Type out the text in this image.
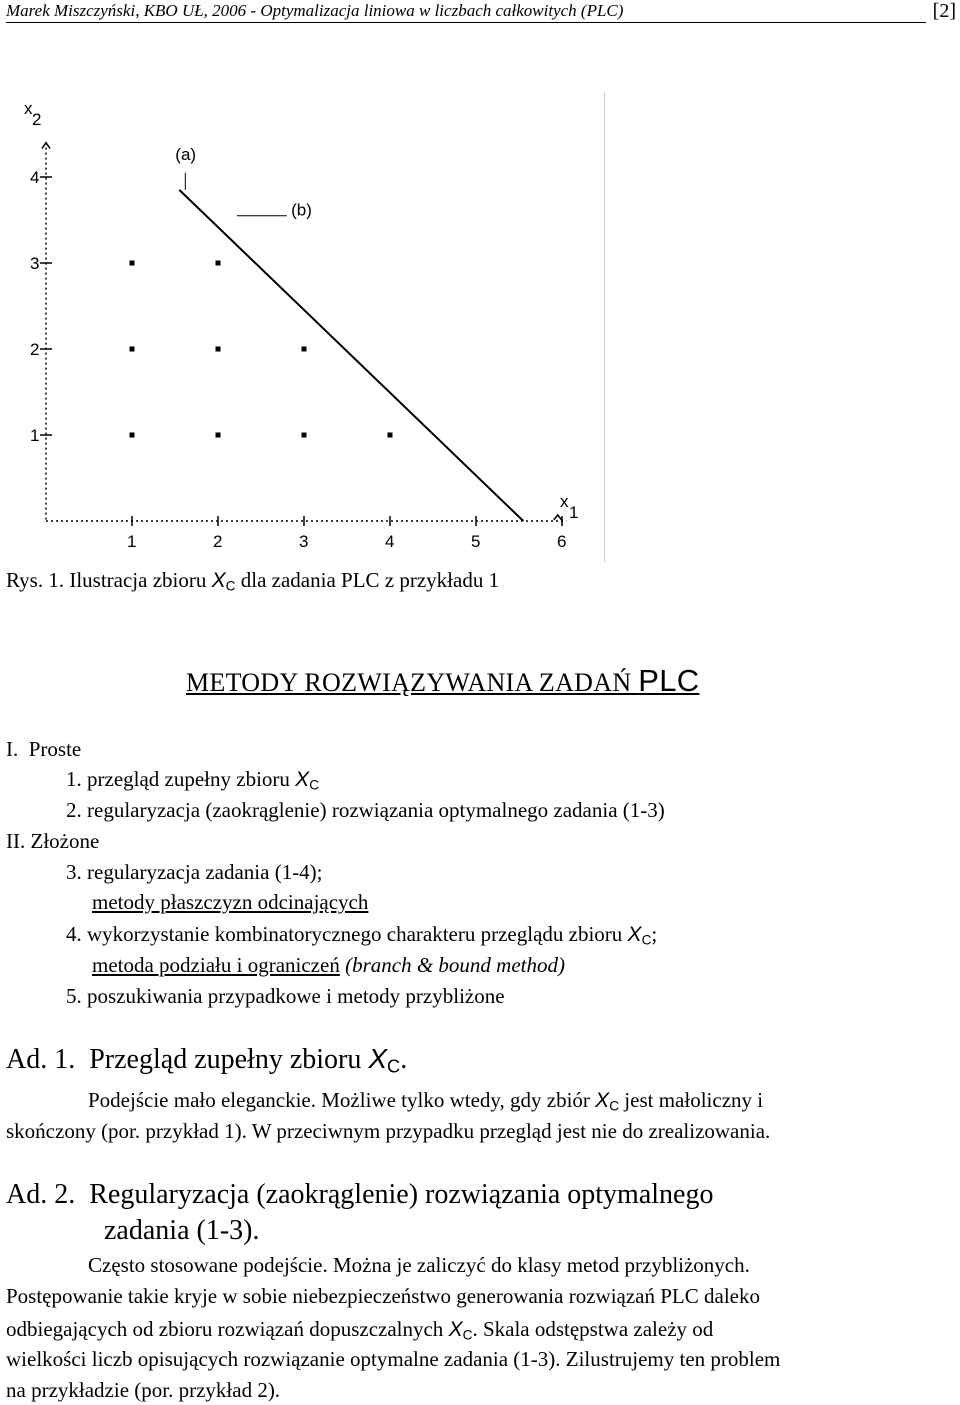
Marek Miszczyński, KBO UŁ, 2006 - Optymalizacja liniowa w liczbach całkowitych (PLC)	[2]
x
2
x
1
1
2
3
4
1	2	3	4	5	6
(a)
(b)
Rys. 1. Ilustracja zbioru $X_C$ dla zadania PLC z przykładu 1
METODY ROZWIĄZYWANIA ZADAŃ PLC
I. Proste
1. przegląd zupełny zbioru $X_C$
2. regularyzacja (zaokrąglenie) rozwiązania optymalnego zadania (1-3)
II. Złożone
3. regularyzacja zadania (1-4);
metody płaszczyzn odcinających
4. wykorzystanie kombinatorycznego charakteru przeglądu zbioru $X_C$;
metoda podziału i ograniczeń (branch & bound method)
5. poszukiwania przypadkowe i metody przybliżone
Ad. 1. Przegląd zupełny zbioru $X_C$.
Podejście mało eleganckie. Możliwe tylko wtedy, gdy zbiór $X_C$ jest małoliczny i
skończony (por. przykład 1). W przeciwnym przypadku przegląd jest nie do zrealizowania.
Ad. 2. Regularyzacja (zaokrąglenie) rozwiązania optymalnego
zadania (1-3).
Często stosowane podejście. Można je zaliczyć do klasy metod przybliżonych.
Postępowanie takie kryje w sobie niebezpieczeństwo generowania rozwiązań PLC daleko
odbiegających od zbioru rozwiązań dopuszczalnych $X_C$. Skala odstępstwa zależy od
wielkości liczb opisujących rozwiązanie optymalne zadania (1-3). Zilustrujemy ten problem
na przykładzie (por. przykład 2).
